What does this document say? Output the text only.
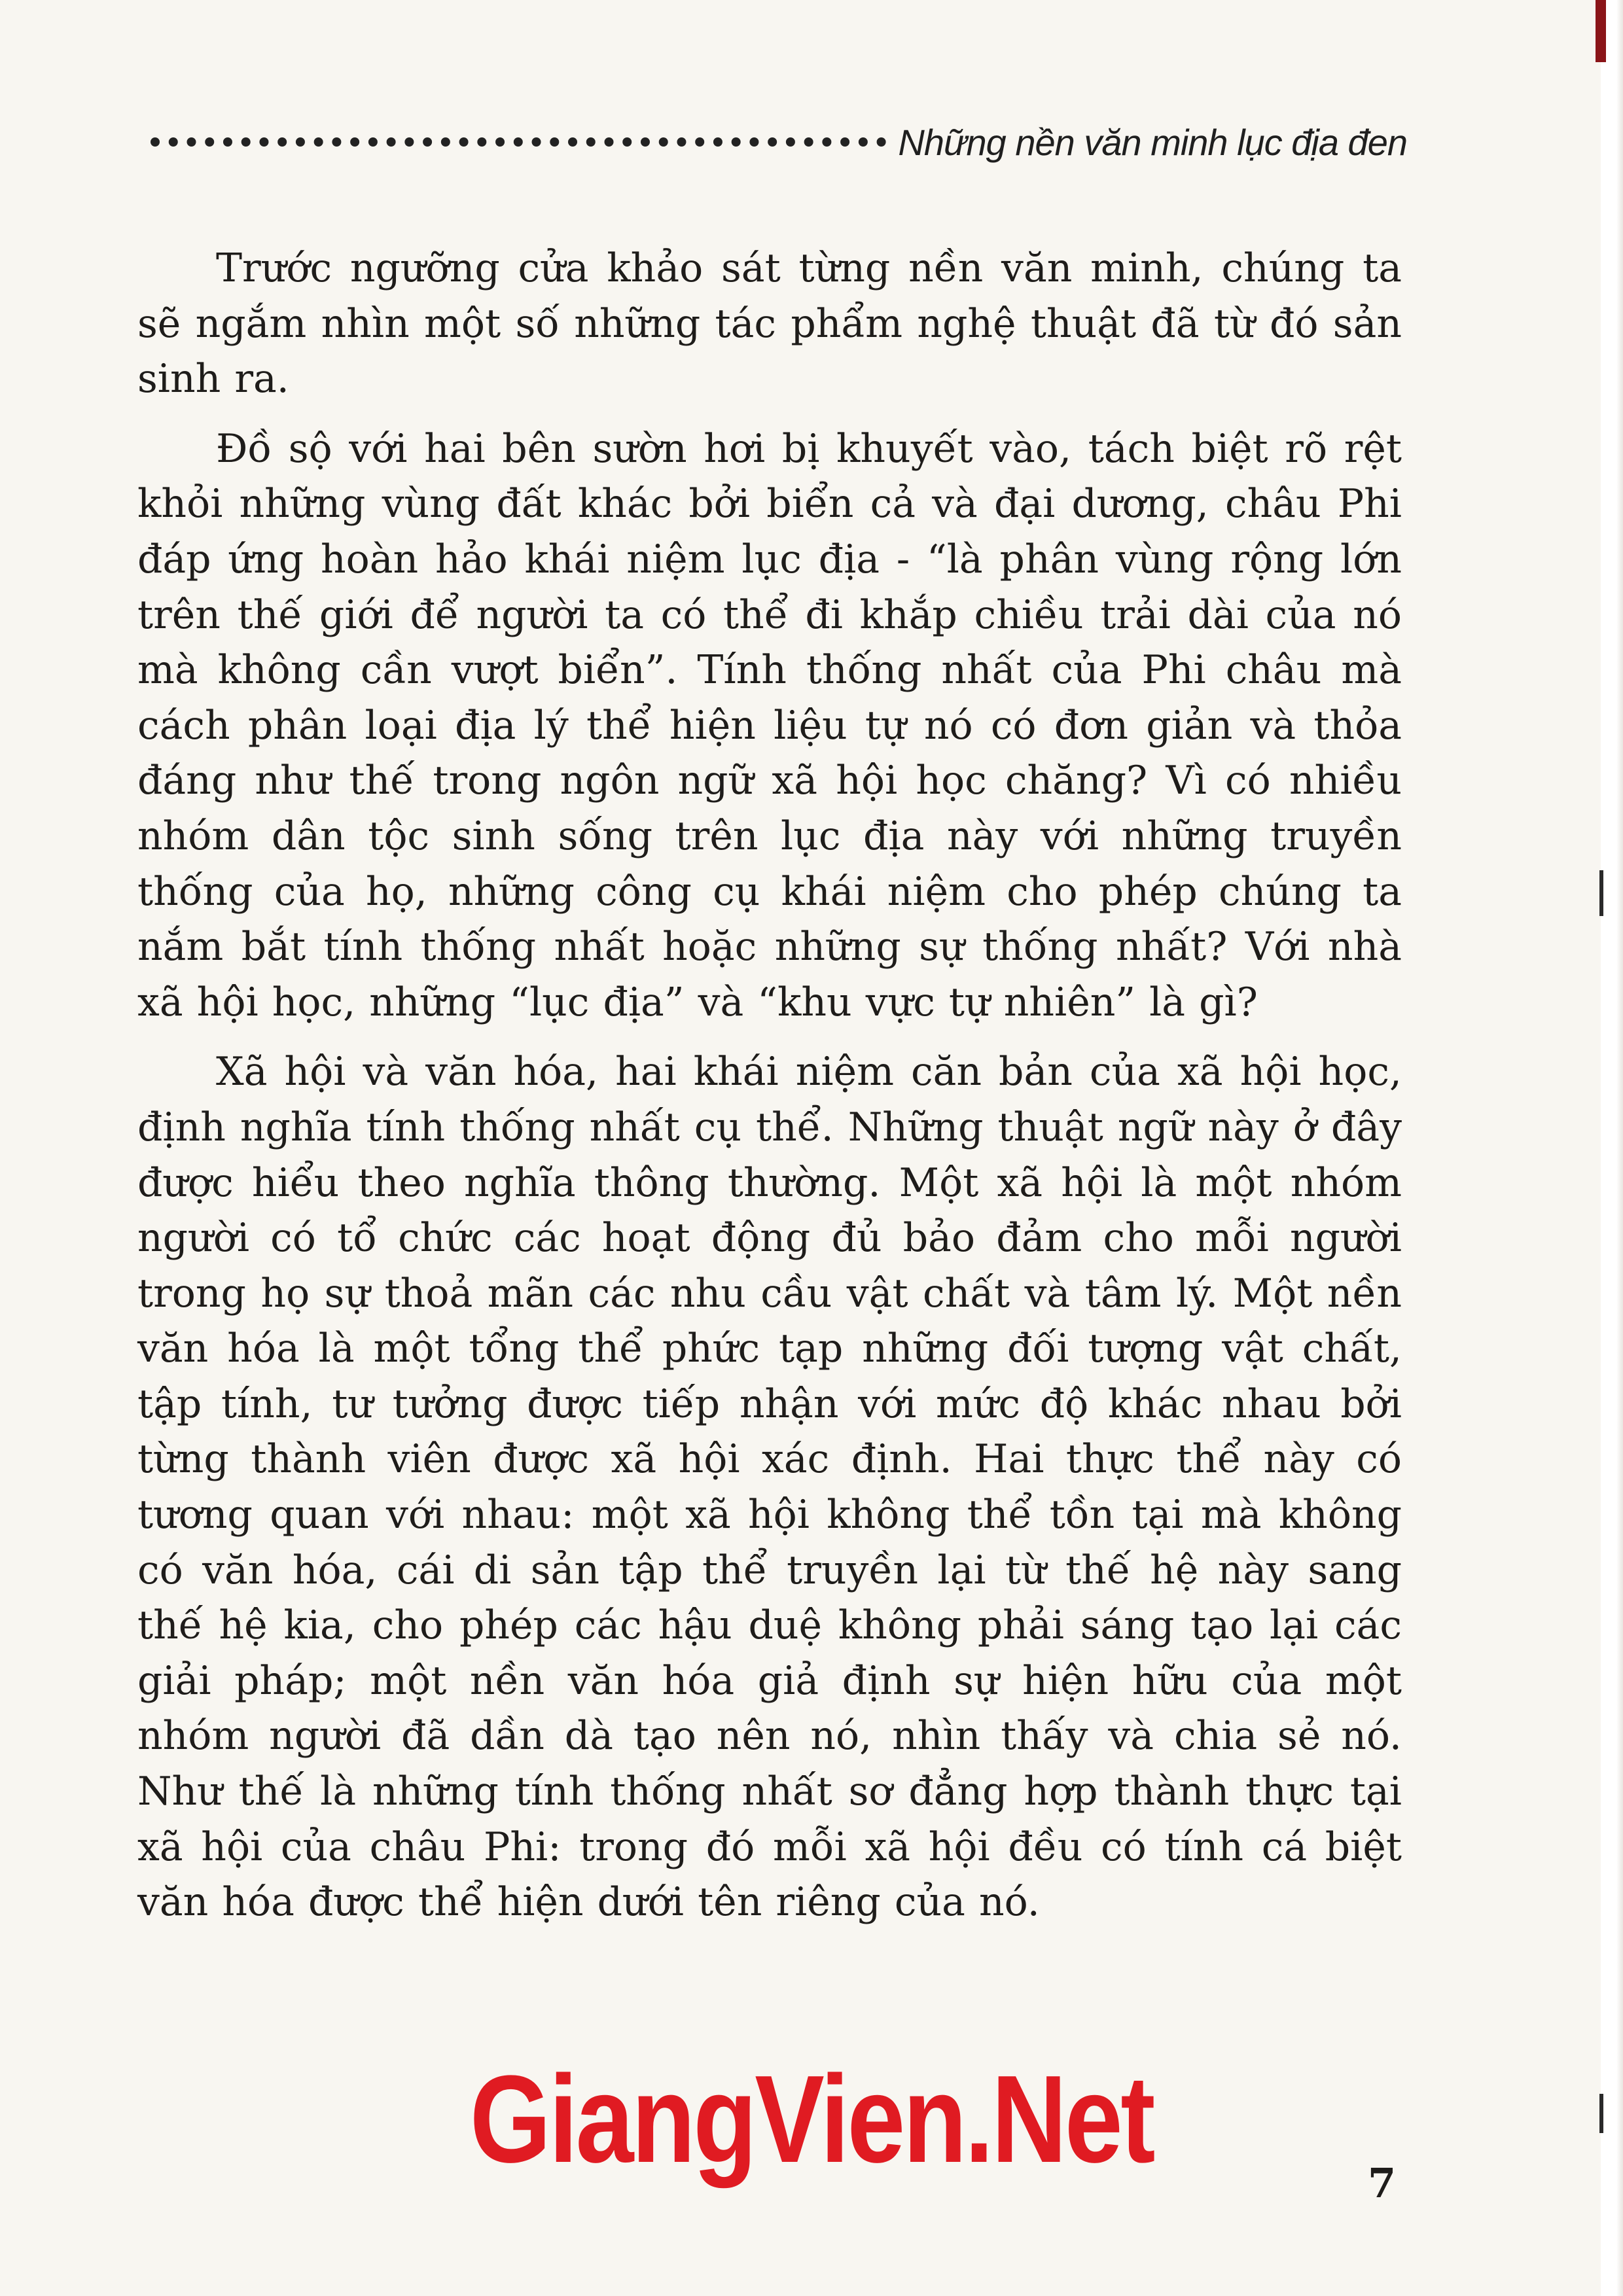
Những nền văn minh lục địa đen

Trước ngưỡng cửa khảo sát từng nền văn minh, chúng ta sẽ ngắm nhìn một số những tác phẩm nghệ thuật đã từ đó sản sinh ra.

Đồ sộ với hai bên sườn hơi bị khuyết vào, tách biệt rõ rệt khỏi những vùng đất khác bởi biển cả và đại dương, châu Phi đáp ứng hoàn hảo khái niệm lục địa - “là phân vùng rộng lớn trên thế giới để người ta có thể đi khắp chiều trải dài của nó mà không cần vượt biển”. Tính thống nhất của Phi châu mà cách phân loại địa lý thể hiện liệu tự nó có đơn giản và thỏa đáng như thế trong ngôn ngữ xã hội học chăng? Vì có nhiều nhóm dân tộc sinh sống trên lục địa này với những truyền thống của họ, những công cụ khái niệm cho phép chúng ta nắm bắt tính thống nhất hoặc những sự thống nhất? Với nhà xã hội học, những “lục địa” và “khu vực tự nhiên” là gì?

Xã hội và văn hóa, hai khái niệm căn bản của xã hội học, định nghĩa tính thống nhất cụ thể. Những thuật ngữ này ở đây được hiểu theo nghĩa thông thường. Một xã hội là một nhóm người có tổ chức các hoạt động đủ bảo đảm cho mỗi người trong họ sự thoả mãn các nhu cầu vật chất và tâm lý. Một nền văn hóa là một tổng thể phức tạp những đối tượng vật chất, tập tính, tư tưởng được tiếp nhận với mức độ khác nhau bởi từng thành viên được xã hội xác định. Hai thực thể này có tương quan với nhau: một xã hội không thể tồn tại mà không có văn hóa, cái di sản tập thể truyền lại từ thế hệ này sang thế hệ kia, cho phép các hậu duệ không phải sáng tạo lại các giải pháp; một nền văn hóa giả định sự hiện hữu của một nhóm người đã dần dà tạo nên nó, nhìn thấy và chia sẻ nó. Như thế là những tính thống nhất sơ đẳng hợp thành thực tại xã hội của châu Phi: trong đó mỗi xã hội đều có tính cá biệt văn hóa được thể hiện dưới tên riêng của nó.

GiangVien.Net	7
